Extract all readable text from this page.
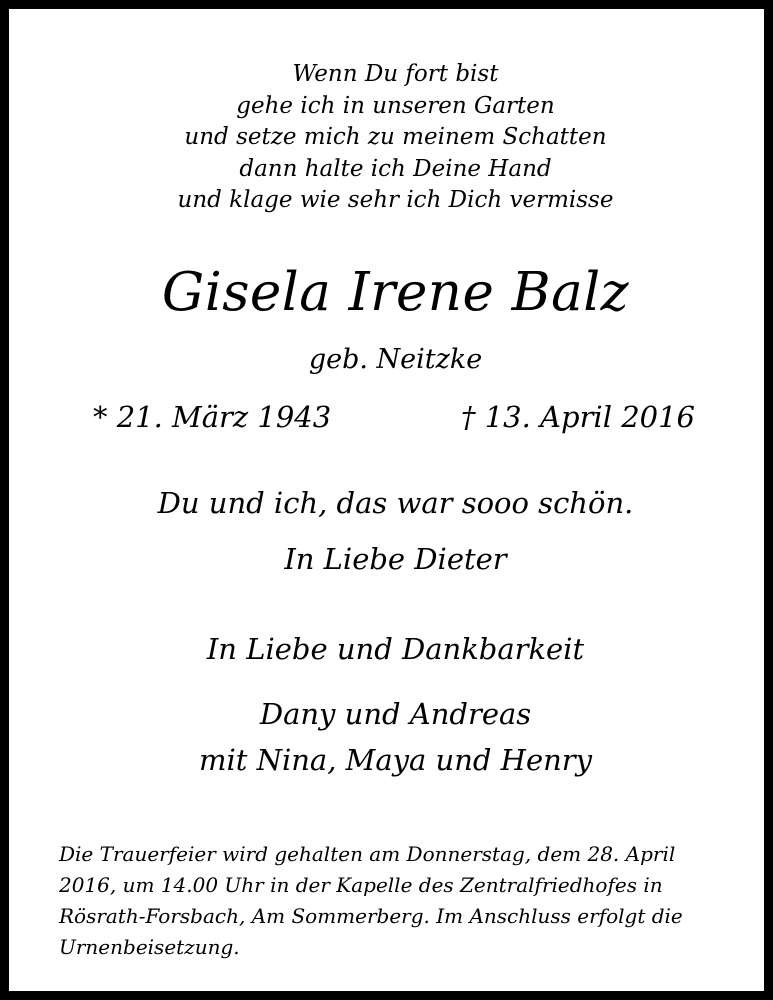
Wenn Du fort bist
gehe ich in unseren Garten
und setze mich zu meinem Schatten
dann halte ich Deine Hand
und klage wie sehr ich Dich vermisse
Gisela Irene Balz
geb. Neitzke
* 21. März 1943	† 13. April 2016
Du und ich, das war sooo schön.
In Liebe Dieter
In Liebe und Dankbarkeit
Dany und Andreas
mit Nina, Maya und Henry
Die Trauerfeier wird gehalten am Donnerstag, dem 28. April
2016, um 14.00 Uhr in der Kapelle des Zentralfriedhofes in
Rösrath-Forsbach, Am Sommerberg. Im Anschluss erfolgt die
Urnenbeisetzung.
